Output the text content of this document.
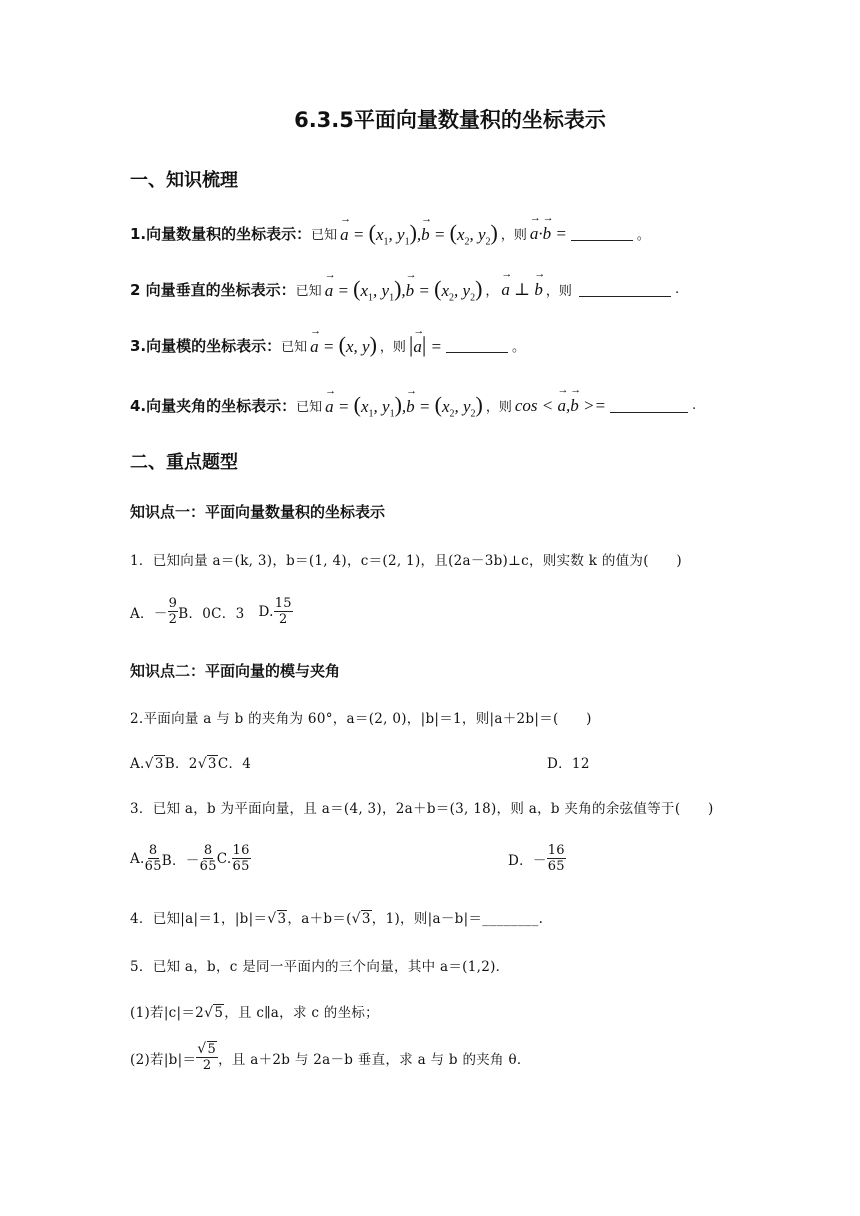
6.3.5平面向量数量积的坐标表示
一、知识梳理
1.向量数量积的坐标表示： 已知 → $a = (x_1$, $y_1),\to b = (x_2$, $y_2$) ，则 → a·→ b =	。
2 向量垂直的坐标表示： 已知 → $a = (x_1$, $y_1),\to b = (x_2$, $y_2$) ， → a ⊥ → b ，则	.
3.向量模的坐标表示： 已知 → a = (x, y) ，则 |→ a| =	。
4.向量夹角的坐标表示： 已知 → $a = (x_1$, $y_1),\to b = (x_2$, $y_2$) ，则 cos < → a,→ b >=	.
二、重点题型
知识点一：平面向量数量积的坐标表示
1．已知向量 a＝(k, 3)，b＝(1, 4)，c＝(2, 1)，且(2a－3b)⊥c，则实数 k 的值为(　　)
A．－ $\frac{9}{2}$ B．0 C．3 D. $\frac{15}{2}$
知识点二：平面向量的模与夹角
2.平面向量 a 与 b 的夹角为 60°，a＝(2, 0)，|b|＝1，则|a＋2b|＝(　　)
A.√3B．2√3C．4	D．12
3．已知 a，b 为平面向量，且 a＝(4, 3)，2a＋b＝(3, 18)，则 a，b 夹角的余弦值等于(　　)
A. $\frac{8}{65}$ B．－ $\frac{8}{65} C$. $\frac{16}{65}$	D．－ $\frac{16}{65}$
4．已知|a|＝1，|b|＝√3，a＋b＝(√3，1)，则|a－b|＝________.
5．已知 a，b，c 是同一平面内的三个向量，其中 a＝(1,2)．
(1)若|c|＝2√5，且 c∥a，求 c 的坐标；
(2)若$|b|= \frac{√5}{2}$ ，且 a＋2b 与 2a－b 垂直，求 a 与 b 的夹角 θ．
